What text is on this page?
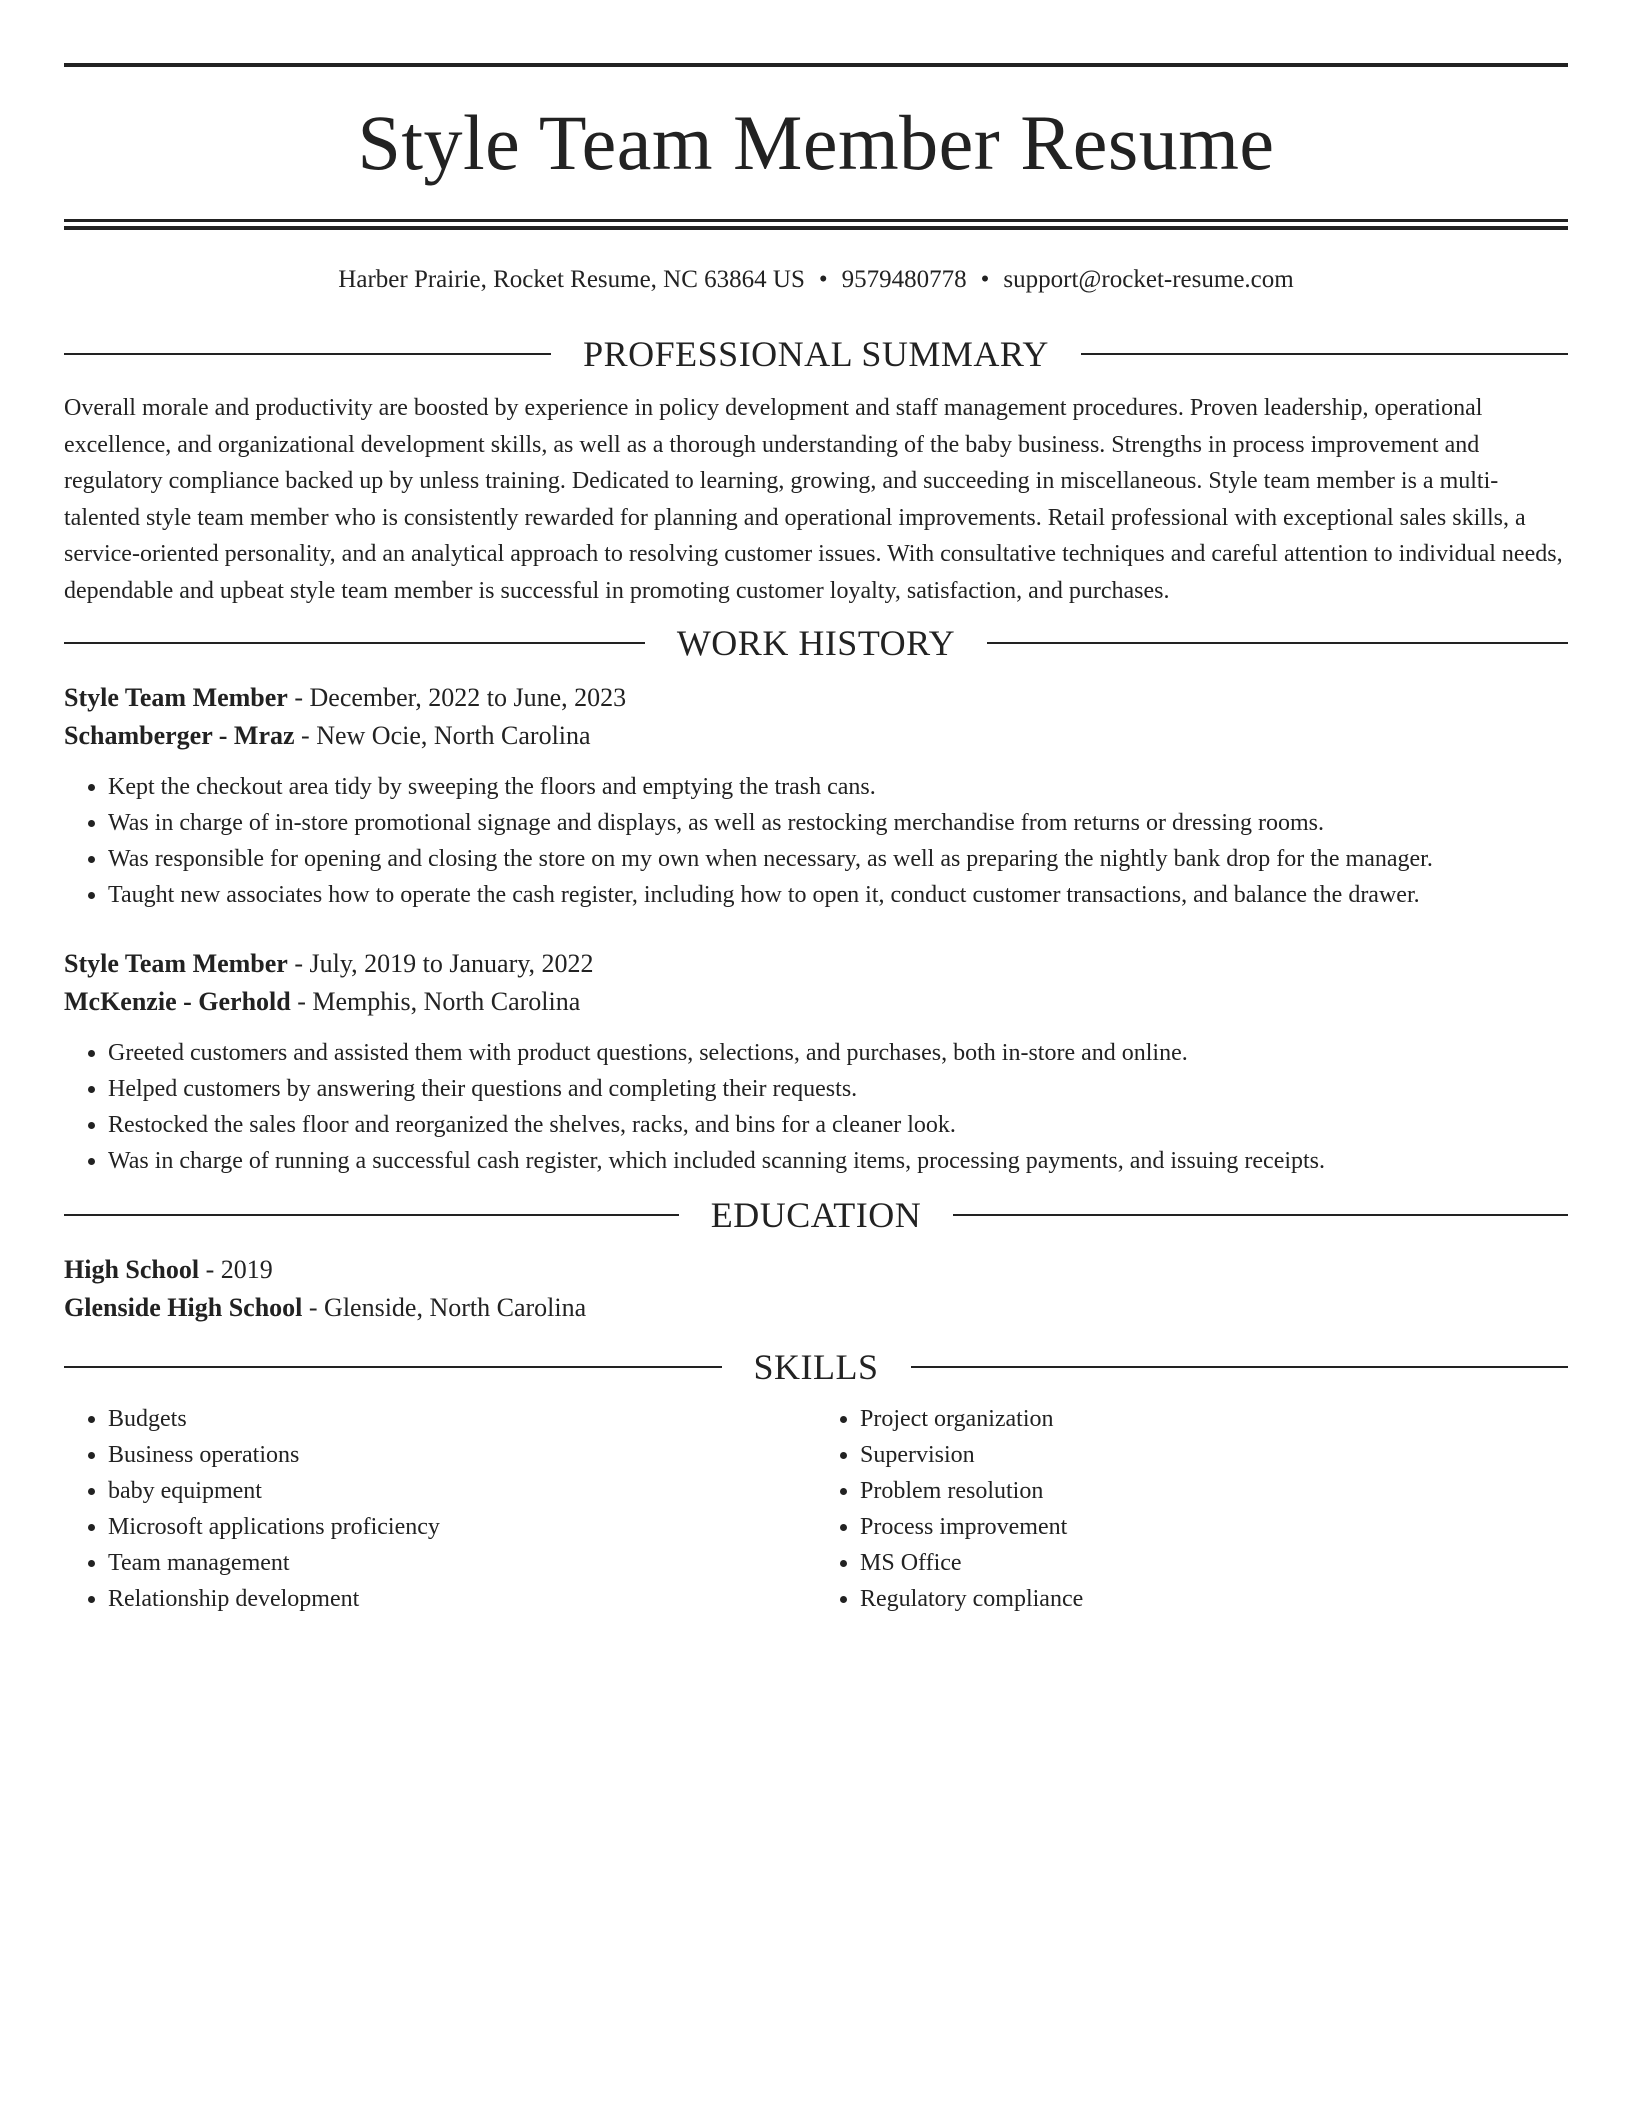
Style Team Member Resume
Harber Prairie, Rocket Resume, NC 63864 US • 9579480778 • support@rocket-resume.com
PROFESSIONAL SUMMARY

Overall morale and productivity are boosted by experience in policy development and staff management procedures. Proven leadership, operational excellence, and organizational development skills, as well as a thorough understanding of the baby business. Strengths in process improvement and regulatory compliance backed up by unless training. Dedicated to learning, growing, and succeeding in miscellaneous. Style team member is a multi-talented style team member who is consistently rewarded for planning and operational improvements. Retail professional with exceptional sales skills, a service-oriented personality, and an analytical approach to resolving customer issues. With consultative techniques and careful attention to individual needs, dependable and upbeat style team member is successful in promoting customer loyalty, satisfaction, and purchases.

WORK HISTORY
Style Team Member - December, 2022 to June, 2023
Schamberger - Mraz - New Ocie, North Carolina
• Kept the checkout area tidy by sweeping the floors and emptying the trash cans.
• Was in charge of in-store promotional signage and displays, as well as restocking merchandise from returns or dressing rooms.
• Was responsible for opening and closing the store on my own when necessary, as well as preparing the nightly bank drop for the manager.
• Taught new associates how to operate the cash register, including how to open it, conduct customer transactions, and balance the drawer.
Style Team Member - July, 2019 to January, 2022
McKenzie - Gerhold - Memphis, North Carolina
• Greeted customers and assisted them with product questions, selections, and purchases, both in-store and online.
• Helped customers by answering their questions and completing their requests.
• Restocked the sales floor and reorganized the shelves, racks, and bins for a cleaner look.
• Was in charge of running a successful cash register, which included scanning items, processing payments, and issuing receipts.
EDUCATION
High School - 2019
Glenside High School - Glenside, North Carolina
SKILLS
• Budgets
• Business operations
• baby equipment
• Microsoft applications proficiency
• Team management
• Relationship development
• Project organization
• Supervision
• Problem resolution
• Process improvement
• MS Office
• Regulatory compliance
